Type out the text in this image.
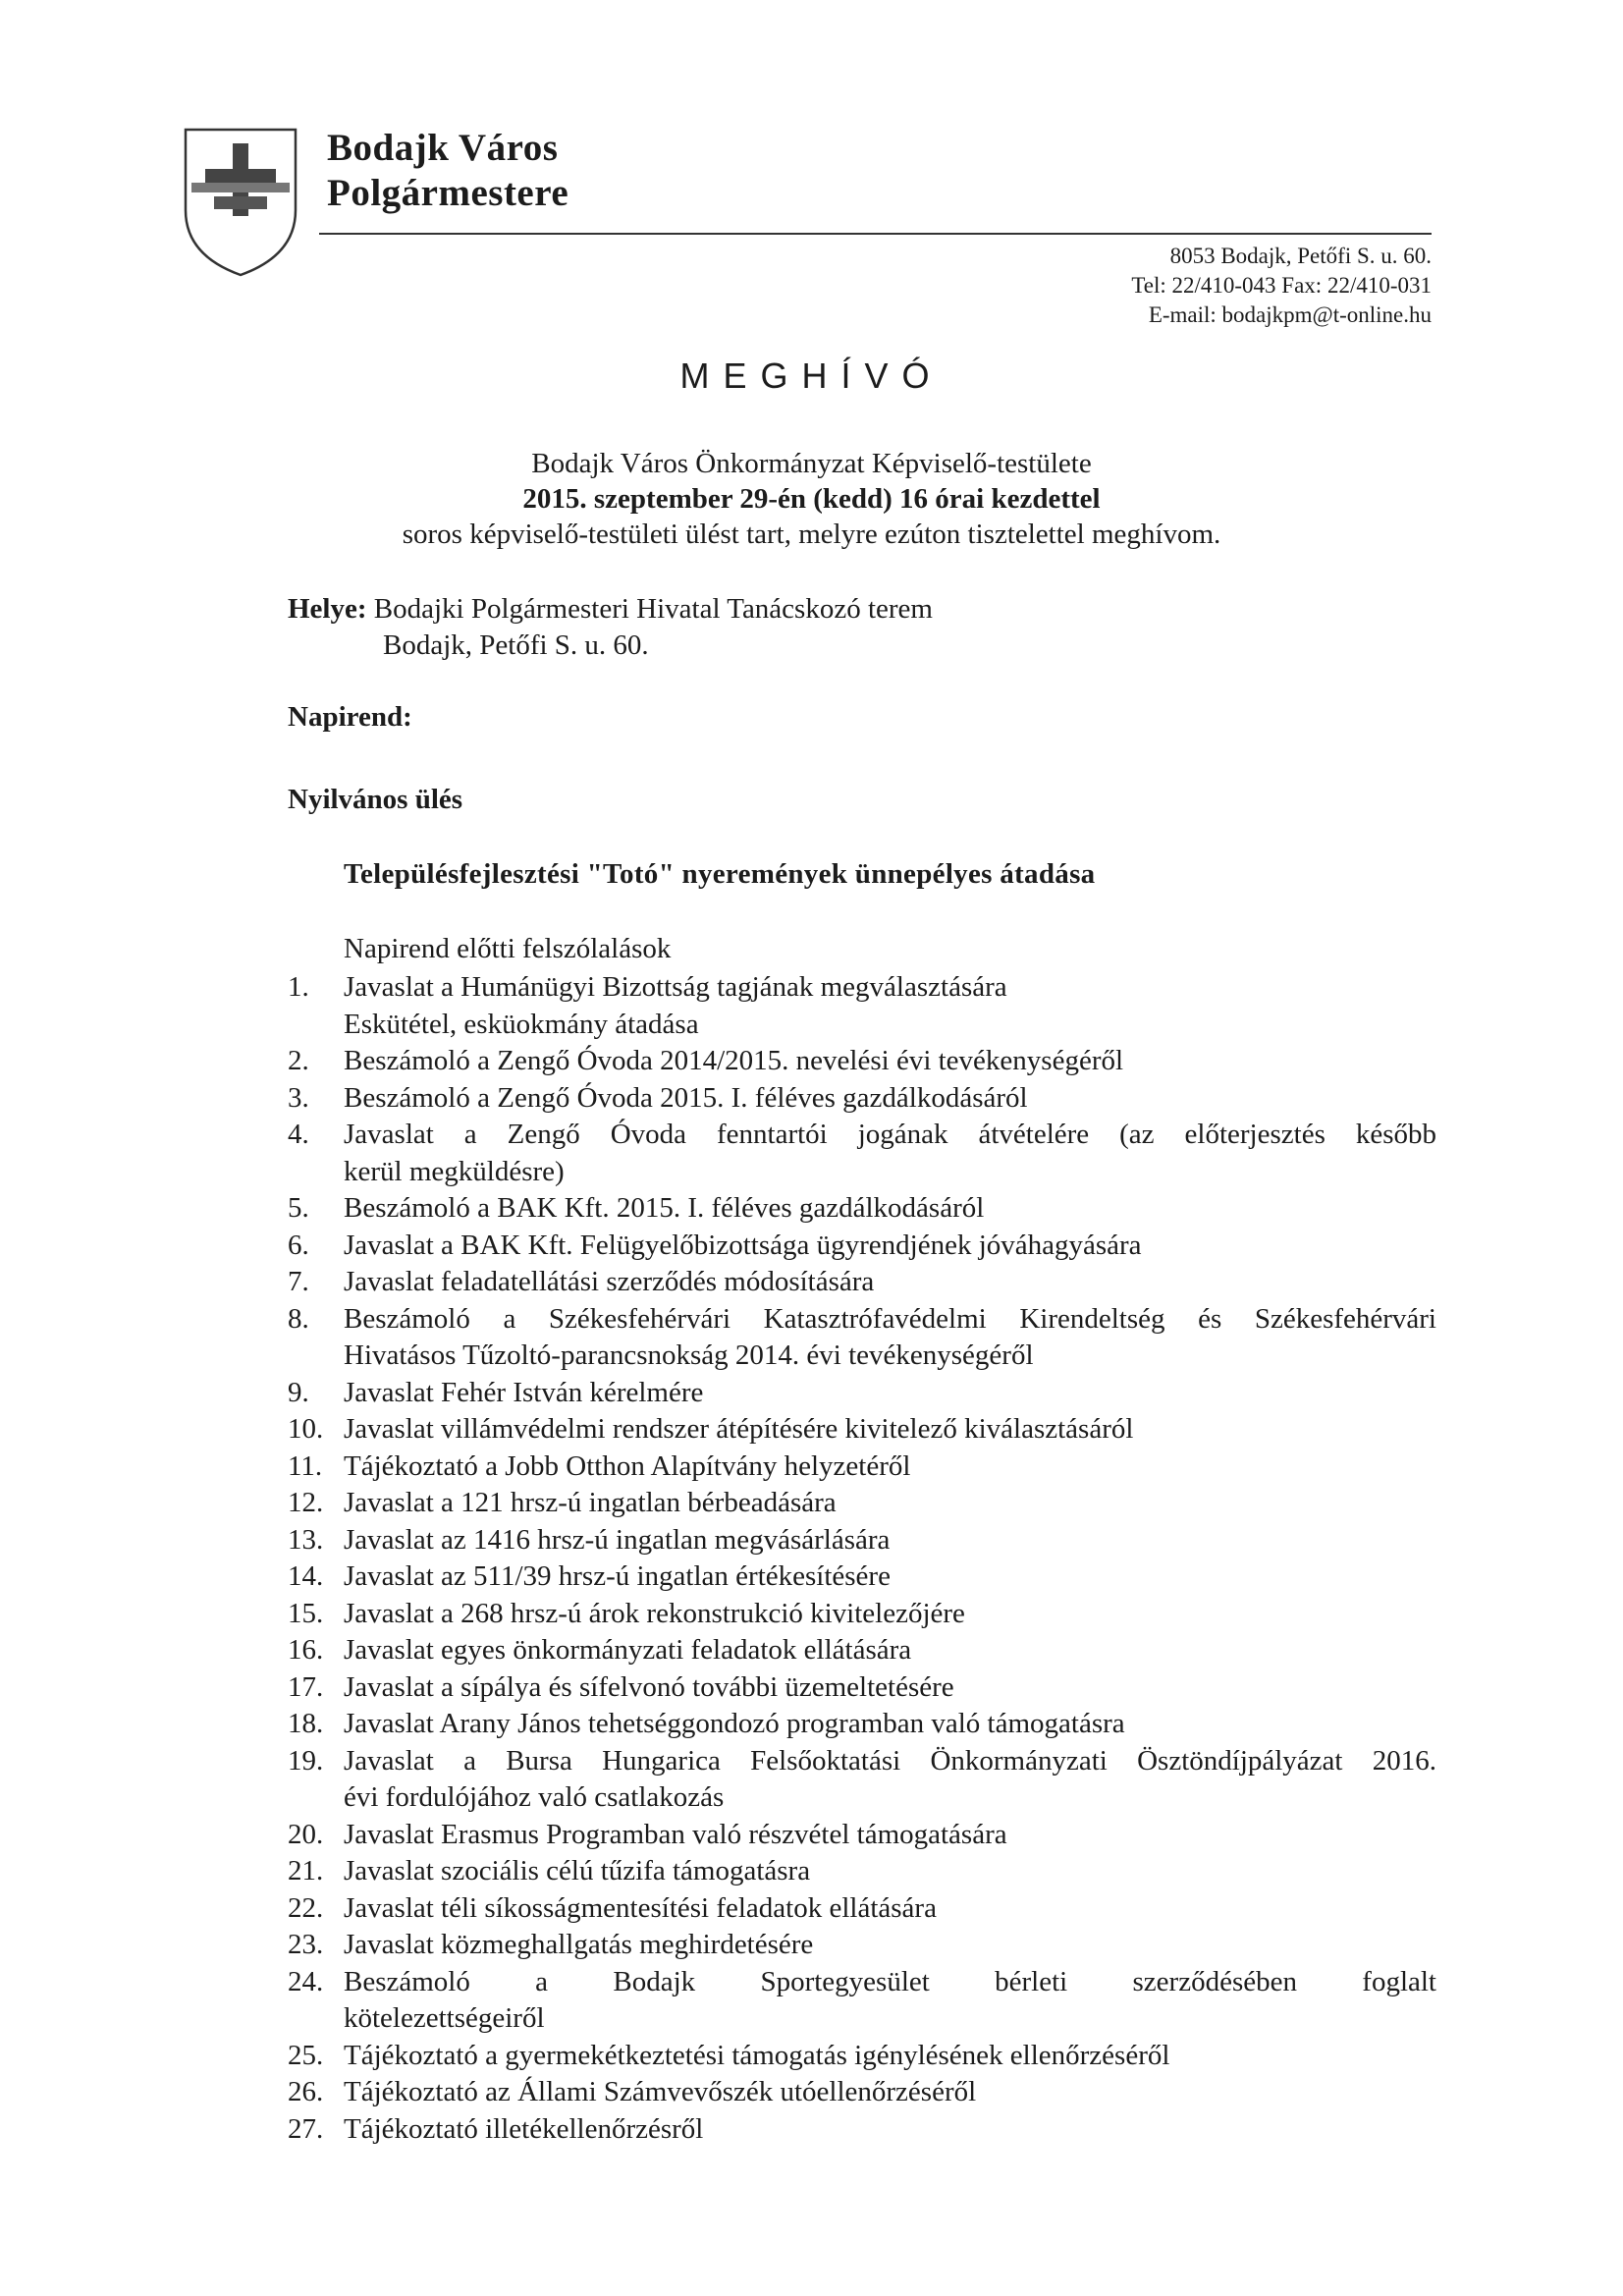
Bodajk Város
Polgármestere
8053 Bodajk, Petőfi S. u. 60.
Tel: 22/410-043 Fax: 22/410-031
E-mail: bodajkpm@t-online.hu
MEGHÍVÓ
Bodajk Város Önkormányzat Képviselő-testülete
2015. szeptember 29-én (kedd) 16 órai kezdettel
soros képviselő-testületi ülést tart, melyre ezúton tisztelettel meghívom.
Helye: Bodajki Polgármesteri Hivatal Tanácskozó terem
Bodajk, Petőfi S. u. 60.
Napirend:
Nyilvános ülés
Településfejlesztési "Totó" nyeremények ünnepélyes átadása
Napirend előtti felszólalások
1.	Javaslat a Humánügyi Bizottság tagjának megválasztására
Eskütétel, esküokmány átadása
2.	Beszámoló a Zengő Óvoda 2014/2015. nevelési évi tevékenységéről
3.	Beszámoló a Zengő Óvoda 2015. I. féléves gazdálkodásáról
4.	Javaslat a Zengő Óvoda fenntartói jogának átvételére (az előterjesztés később
kerül megküldésre)
5.	Beszámoló a BAK Kft. 2015. I. féléves gazdálkodásáról
6.	Javaslat a BAK Kft. Felügyelőbizottsága ügyrendjének jóváhagyására
7.	Javaslat feladatellátási szerződés módosítására
8.	Beszámoló a Székesfehérvári Katasztrófavédelmi Kirendeltség és Székesfehérvári
Hivatásos Tűzoltó-parancsnokság 2014. évi tevékenységéről
9.	Javaslat Fehér István kérelmére
10. Javaslat villámvédelmi rendszer átépítésére kivitelező kiválasztásáról
11. Tájékoztató a Jobb Otthon Alapítvány helyzetéről
12. Javaslat a 121 hrsz-ú ingatlan bérbeadására
13. Javaslat az 1416 hrsz-ú ingatlan megvásárlására
14. Javaslat az 511/39 hrsz-ú ingatlan értékesítésére
15. Javaslat a 268 hrsz-ú árok rekonstrukció kivitelezőjére
16. Javaslat egyes önkormányzati feladatok ellátására
17. Javaslat a sípálya és sífelvonó további üzemeltetésére
18. Javaslat Arany János tehetséggondozó programban való támogatásra
19. Javaslat a Bursa Hungarica Felsőoktatási Önkormányzati Ösztöndíjpályázat 2016.
évi fordulójához való csatlakozás
20. Javaslat Erasmus Programban való részvétel támogatására
21. Javaslat szociális célú tűzifa támogatásra
22. Javaslat téli síkosságmentesítési feladatok ellátására
23. Javaslat közmeghallgatás meghirdetésére
24. Beszámoló a Bodajk Sportegyesület bérleti szerződésében foglalt
kötelezettségeiről
25. Tájékoztató a gyermekétkeztetési támogatás igénylésének ellenőrzéséről
26. Tájékoztató az Állami Számvevőszék utóellenőrzéséről
27. Tájékoztató illetékellenőrzésről
